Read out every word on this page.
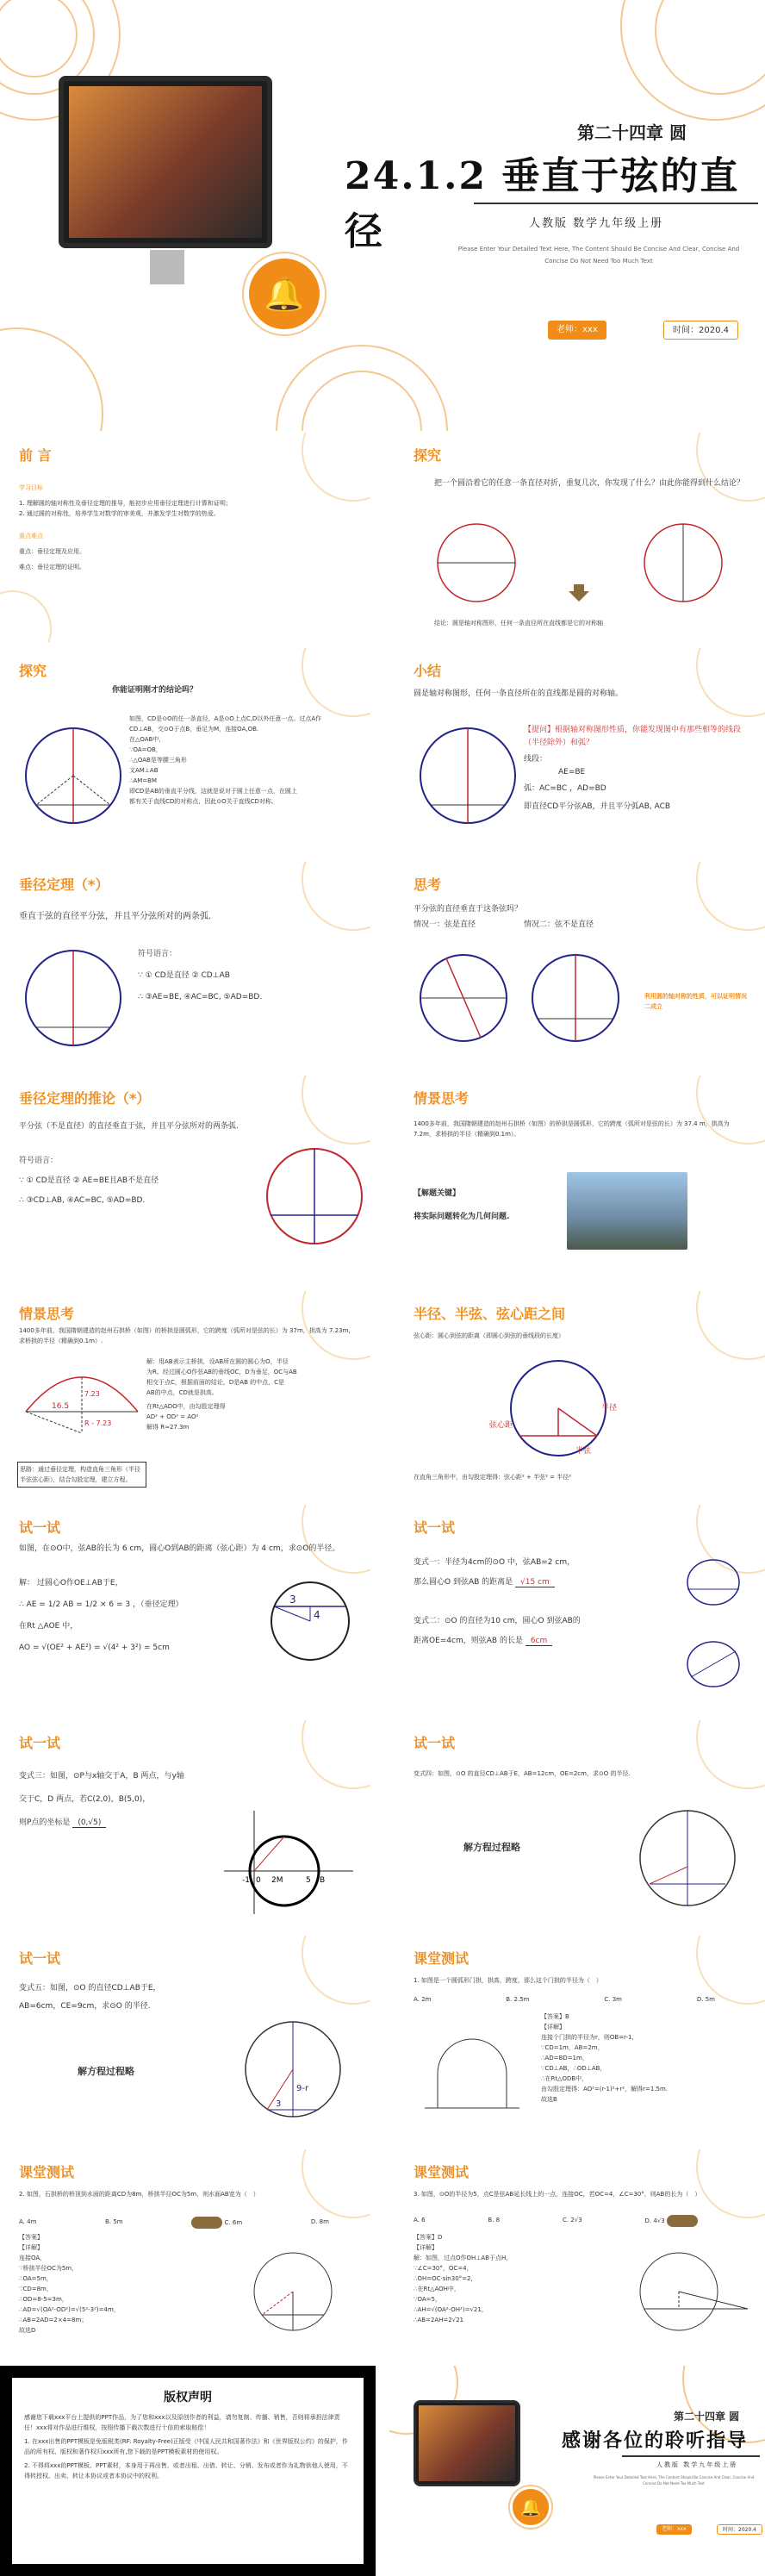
🔔
第二十四章 圆
24.1.2 垂直于弦的直径	人教版 数学九年级上册
Please Enter Your Detailed Text Here, The Content Should Be Concise And Clear, Concise And Concise Do Not Need Too Much Text
老师：xxx	时间：2020.4
前 言
学习目标
1. 理解圆的轴对称性及垂径定理的推导，能初步应用垂径定理进行计算和证明；
2. 通过圆的对称性，培养学生对数学的审美观，并激发学生对数学的热爱。
重点难点
重点：垂径定理及应用。
难点：垂径定理的证明。
探究
把一个圆沿着它的任意一条直径对折，重复几次，你发现了什么？由此你能得到什么结论？
结论：圆是轴对称图形，任何一条直径所在直线都是它的对称轴
探究
你能证明刚才的结论吗？
如图，CD是⊙O的任一条直径，A是⊙O上点C,D以外任意一点。过点A作
CD⊥AB，交⊙O于点B，垂足为M，连接OA,OB.
在△OAB中，
∵OA=OB，
∴△OAB是等腰三角形
又AM⊥AB
∴AM=BM
即CD是AB的垂直平分线，这就是说对于圆上任意一点，在圆上
都有关于直线CD的对称点，因此⊙O关于直线CD对称。
小结
圆是轴对称图形，任何一条直径所在的直线都是圆的对称轴。
【提问】根据轴对称图形性质，你能发现图中有那些相等的线段（半径除外）和弧？
线段：
AE=BE
弧：AC=BC ，AD=BD
即直径CD平分弦AB，并且平分弧AB, ACB
垂径定理（*）
垂直于弦的直径平分弦，并且平分弦所对的两条弧.
符号语言：
∵ ① CD是直径 ② CD⊥AB
∴ ③AE=BE, ④AC=BC, ⑤AD=BD.
思考
平分弦的直径垂直于这条弦吗？
情况一：弦是直径	情况二：弦不是直径
利用圆的轴对称的性质，可以证明情况二成立
垂径定理的推论（*）
平分弦（不是直径）的直径垂直于弦，并且平分弦所对的两条弧.
符号语言：
∵ ① CD是直径 ② AE=BE且AB不是直径
∴ ③CD⊥AB, ④AC=BC, ⑤AD=BD.
情景思考
1400多年前，我国隋朝建造的赵州石拱桥（如图）的桥拱是圆弧形，它的跨度（弧所对是弦的长）为 37.4 m，拱高为7.2m，求桥拱的半径（精确到0.1m）。
【解题关键】
将实际问题转化为几何问题.
情景思考
1400多年前，我国隋朝建造的赵州石拱桥（如图）的桥拱是圆弧形，它的跨度（弧所对是弦的长）为 37m，拱高为 7.23m,求桥拱的半径（精确到0.1m）.
16.5
R - 7.23
7.23
解：用AB表示主桥拱，设AB所在圆的圆心为O，半径
为R。经过圆心O作弦AB的垂线OC，D为垂足，OC与AB
相交于点C，根据前面的结论，D是AB 的中点，C是
AB的中点，CD就是拱高。
在Rt△ADO中，由勾股定理得
AD² + OD² = AO²
解得 R≈27.3m
思路：通过垂径定理，构造直角三角形（半径半弦弦心距），结合勾股定理，建立方程。
半径、半弦、弦心距之间
弦心距：圆心到弦的距离（即圆心到弦的垂线段的长度）
弦心距
半径
半弦
在直角三角形中，由勾股定理得：弦心距² + 半弦² = 半径²
试一试
如图，在⊙O中，弦AB的长为 6 cm，圆心O到AB的距离（弦心距）为 4 cm，求⊙O的半径。
解： 过圆心O作OE⊥AB于E，
∴ AE = 1/2 AB = 1/2 × 6 = 3 ，（垂径定理）
在Rt △AOE 中，
AO = √(OE² + AE²) = √(4² + 3²) = 5cm
3
4
试一试
变式一：半径为4cm的⊙O 中，弦AB=2 cm，
那么圆心O 到弦AB 的距离是 √15 cm
变式二：⊙O 的直径为10 cm，圆心O 到弦AB的
距离OE=4cm，则弦AB 的长是 6cm
试一试
变式三：如图，⊙P与x轴交于A，B 两点，与y轴
交于C，D 两点，若C(2,0)，B(5,0)，
则P点的坐标是 (0,√5)
-1 0 2M	5 B
试一试
变式四：如图，⊙O 的直径CD⊥AB于E，AB=12cm，OE=2cm，求⊙O 的半径.
解方程过程略
试一试
变式五：如图，⊙O 的直径CD⊥AB于E，
AB=6cm，CE=9cm，求⊙O 的半径.
解方程过程略
9-r
3
课堂测试
1. 如图是一个圆弧形门拱，拱高，跨度，那么这个门拱的半径为（　）
A. 2m	B. 2.5m	C. 3m	D. 5m
【答案】B
【详解】
连接个门拱的半径为r，则OB=r-1,
∵CD=1m，AB=2m，
∴AD=BD=1m，
∵CD⊥AB，∴OD⊥AB，
∴在Rt△ODB中，
由勾股定理得：AO²=(r-1)²+r²，解得r=1.5m.
故选B
课堂测试
2. 如图，石拱桥的桥顶到水面的距离CD为8m，桥拱半径OC为5m，则水面AB宽为（　）
A. 4m	B. 5m	C. 6m	D. 8m
【答案】
【详解】
连接OA，
∵桥拱半径OC为5m，
∴OA=5m，
∵CD=8m，
∴OD=8-5=3m，
∴AD=√(OA²-OD²)=√(5²-3²)=4m，
∴AB=2AD=2×4=8m；
故选D
课堂测试
3. 如图，⊙O的半径为5，点C是弦AB延长线上的一点，连接OC，若OC=4，∠C=30°，则AB的长为（　）
A. 6	B. 8	C. 2√3	D. 4√3
【答案】D
【详解】
解：如图，过点O作OH⊥AB于点H，
∵∠C=30°，OC=4，
∴OH=OC·sin30°=2，
∴在Rt△AOH中，
∵OA=5，
∴AH=√(OA²-OH²)=√21，
∴AB=2AH=2√21
版权声明

感谢您下载xxx平台上提供的PPT作品，为了您和xxx以及原创作者的利益，请勿复制、传播、销售，否则将承担法律责任！xxx将对作品进行维权，按照传播下载次数进行十倍的索取赔偿！

1. 在xxx出售的PPT模板是免版税类(RF: Royalty-Free)正版受《中国人民共和国著作法》和《世界版权公约》的保护，作品的所有权、版权和著作权归xxx所有,您下载的是PPT模板素材的使用权。

2. 不得将xxx的PPT模板、PPT素材，本身用于再出售，或者出租、出借、转让、分销、发布或者作为礼物供他人使用，不得转授权、出卖、转让本协议或者本协议中的权利。

🔔
第二十四章 圆
感谢各位的聆听指导
人教版 数学九年级上册
Please Enter Your Detailed Text Here, The Content Should Be Concise And Clear, Concise And Concise Do Not Need Too Much Text
老师：xxx	时间：2020.4
